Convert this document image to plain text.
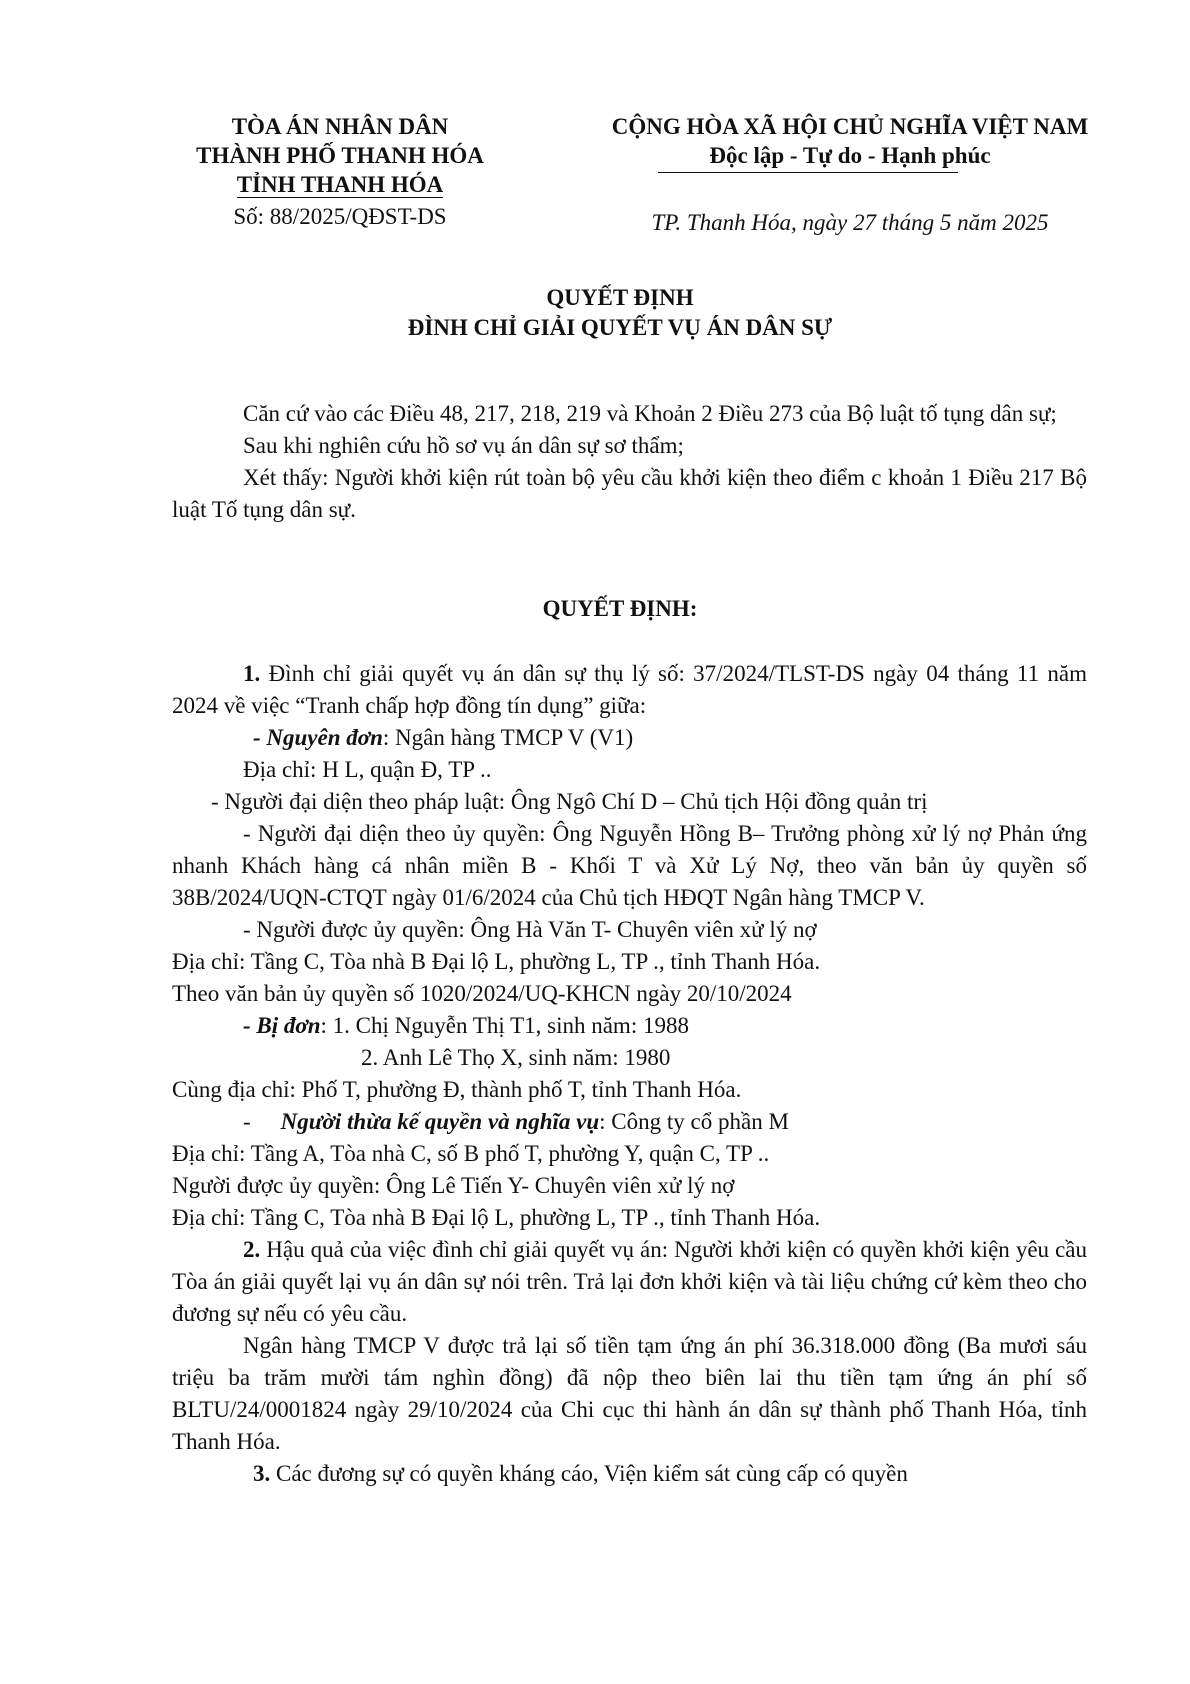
TÒA ÁN NHÂN DÂN
THÀNH PHỐ THANH HÓA
TỈNH THANH HÓA
Số: 88/2025/QĐST-DS
CỘNG HÒA XÃ HỘI CHỦ NGHĨA VIỆT NAM
Độc lập - Tự do - Hạnh phúc
TP. Thanh Hóa, ngày 27 tháng 5 năm 2025
QUYẾT ĐỊNH
ĐÌNH CHỈ GIẢI QUYẾT VỤ ÁN DÂN SỰ

Căn cứ vào các Điều 48, 217, 218, 219 và Khoản 2 Điều 273 của Bộ luật tố tụng dân sự;

Sau khi nghiên cứu hồ sơ vụ án dân sự sơ thẩm;

Xét thấy: Người khởi kiện rút toàn bộ yêu cầu khởi kiện theo điểm c khoản 1 Điều 217 Bộ luật Tố tụng dân sự.

QUYẾT ĐỊNH:

1. Đình chỉ giải quyết vụ án dân sự thụ lý số: 37/2024/TLST-DS ngày 04 tháng 11 năm 2024 về việc “Tranh chấp hợp đồng tín dụng” giữa:

- Nguyên đơn: Ngân hàng TMCP V (V1)

Địa chỉ: H L, quận Đ, TP ..

- Người đại diện theo pháp luật: Ông Ngô Chí D – Chủ tịch Hội đồng quản trị

- Người đại diện theo ủy quyền: Ông Nguyễn Hồng B– Trưởng phòng xử lý nợ Phản ứng nhanh Khách hàng cá nhân miền B - Khối T và Xử Lý Nợ, theo văn bản ủy quyền số 38B/2024/UQN-CTQT ngày 01/6/2024 của Chủ tịch HĐQT Ngân hàng TMCP V.

- Người được ủy quyền: Ông Hà Văn T- Chuyên viên xử lý nợ

Địa chỉ: Tầng C, Tòa nhà B Đại lộ L, phường L, TP ., tỉnh Thanh Hóa.

Theo văn bản ủy quyền số 1020/2024/UQ-KHCN ngày 20/10/2024

- Bị đơn: 1. Chị Nguyễn Thị T1, sinh năm: 1988

2. Anh Lê Thọ X, sinh năm: 1980

Cùng địa chỉ: Phố T, phường Đ, thành phố T, tỉnh Thanh Hóa.

- Người thừa kế quyền và nghĩa vụ: Công ty cổ phần M

Địa chỉ: Tầng A, Tòa nhà C, số B phố T, phường Y, quận C, TP ..

Người được ủy quyền: Ông Lê Tiến Y- Chuyên viên xử lý nợ

Địa chỉ: Tầng C, Tòa nhà B Đại lộ L, phường L, TP ., tỉnh Thanh Hóa.

2. Hậu quả của việc đình chỉ giải quyết vụ án: Người khởi kiện có quyền khởi kiện yêu cầu Tòa án giải quyết lại vụ án dân sự nói trên. Trả lại đơn khởi kiện và tài liệu chứng cứ kèm theo cho đương sự nếu có yêu cầu.

Ngân hàng TMCP V được trả lại số tiền tạm ứng án phí 36.318.000 đồng (Ba mươi sáu triệu ba trăm mười tám nghìn đồng) đã nộp theo biên lai thu tiền tạm ứng án phí số BLTU/24/0001824 ngày 29/10/2024 của Chi cục thi hành án dân sự thành phố Thanh Hóa, tỉnh Thanh Hóa.

3. Các đương sự có quyền kháng cáo, Viện kiểm sát cùng cấp có quyền
